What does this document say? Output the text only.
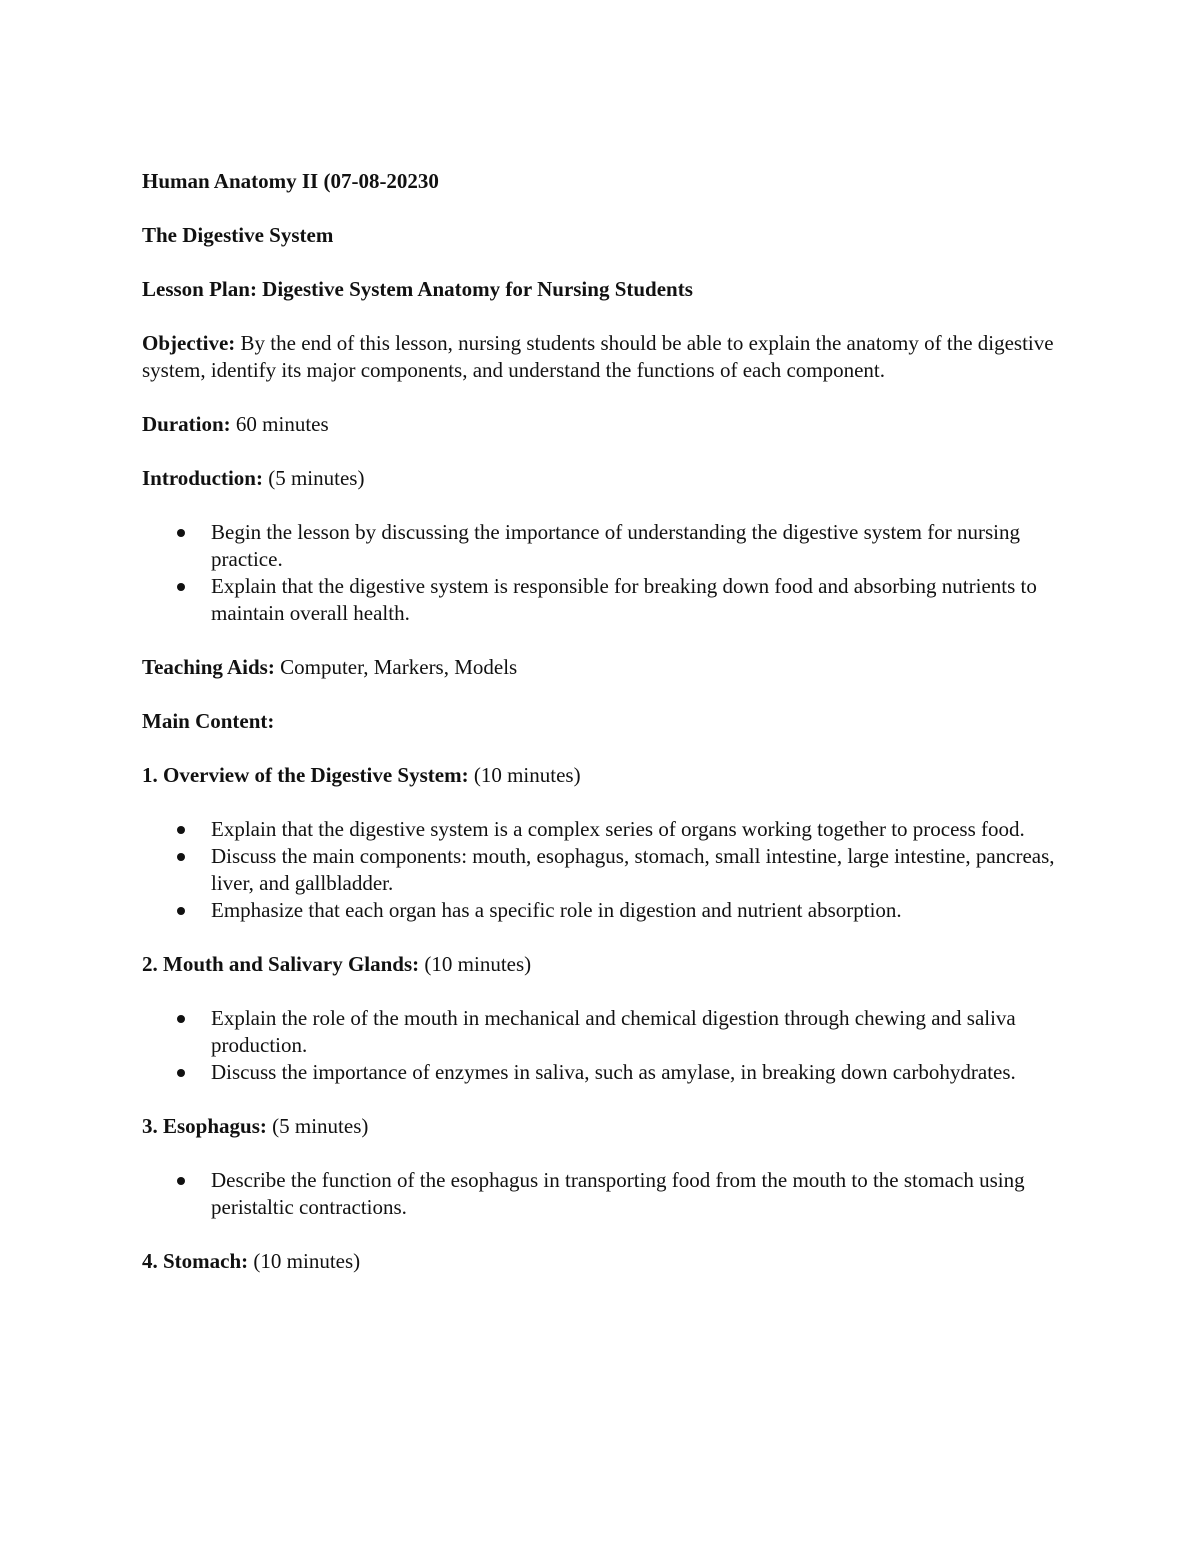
Human Anatomy II (07-08-20230

The Digestive System

Lesson Plan: Digestive System Anatomy for Nursing Students

Objective: By the end of this lesson, nursing students should be able to explain the anatomy of the digestive system, identify its major components, and understand the functions of each component.

Duration: 60 minutes

Introduction: (5 minutes)

Begin the lesson by discussing the importance of understanding the digestive system for nursing practice.
Explain that the digestive system is responsible for breaking down food and absorbing nutrients to maintain overall health.

Teaching Aids: Computer, Markers, Models

Main Content:

1. Overview of the Digestive System: (10 minutes)

Explain that the digestive system is a complex series of organs working together to process food.
Discuss the main components: mouth, esophagus, stomach, small intestine, large intestine, pancreas, liver, and gallbladder.
Emphasize that each organ has a specific role in digestion and nutrient absorption.

2. Mouth and Salivary Glands: (10 minutes)

Explain the role of the mouth in mechanical and chemical digestion through chewing and saliva production.
Discuss the importance of enzymes in saliva, such as amylase, in breaking down carbohydrates.

3. Esophagus: (5 minutes)

Describe the function of the esophagus in transporting food from the mouth to the stomach using peristaltic contractions.

4. Stomach: (10 minutes)
